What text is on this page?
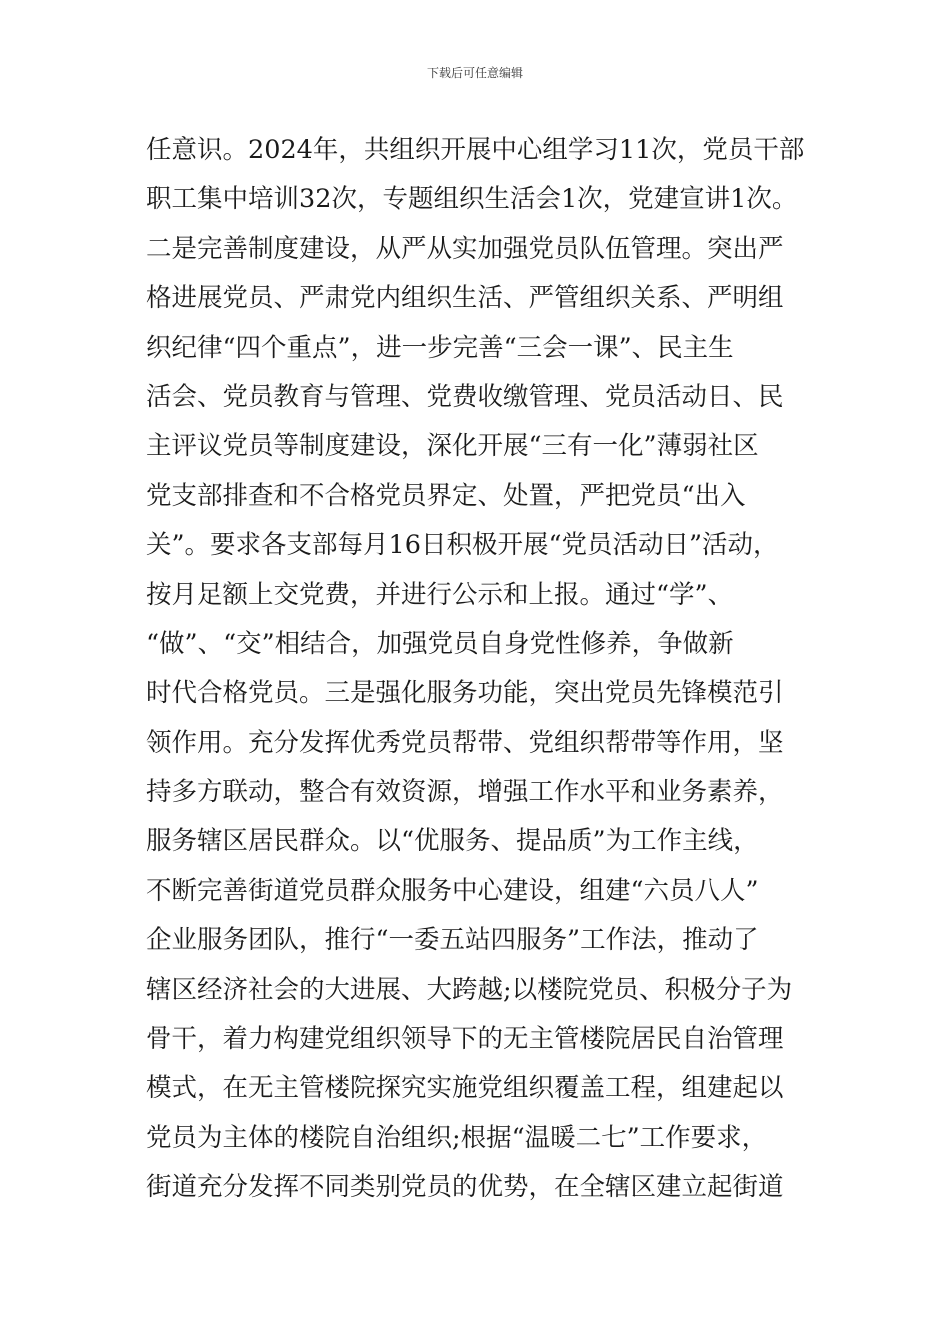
下载后可任意编辑
任意识。2024年，共组织开展中心组学习11次，党员干部
职工集中培训32次，专题组织生活会1次，党建宣讲1次。
二是完善制度建设，从严从实加强党员队伍管理。突出严
格进展党员、严肃党内组织生活、严管组织关系、严明组
织纪律“四个重点”，进一步完善“三会一课”、民主生
活会、党员教育与管理、党费收缴管理、党员活动日、民
主评议党员等制度建设，深化开展“三有一化”薄弱社区
党支部排查和不合格党员界定、处置，严把党员“出入
关”。要求各支部每月16日积极开展“党员活动日”活动，
按月足额上交党费，并进行公示和上报。通过“学”、
“做”、“交”相结合，加强党员自身党性修养，争做新
时代合格党员。三是强化服务功能，突出党员先锋模范引
领作用。充分发挥优秀党员帮带、党组织帮带等作用，坚
持多方联动，整合有效资源，增强工作水平和业务素养，
服务辖区居民群众。以“优服务、提品质”为工作主线，
不断完善街道党员群众服务中心建设，组建“六员八人”
企业服务团队，推行“一委五站四服务”工作法，推动了
辖区经济社会的大进展、大跨越;以楼院党员、积极分子为
骨干，着力构建党组织领导下的无主管楼院居民自治管理
模式，在无主管楼院探究实施党组织覆盖工程，组建起以
党员为主体的楼院自治组织;根据“温暖二七”工作要求，
街道充分发挥不同类别党员的优势，在全辖区建立起街道
